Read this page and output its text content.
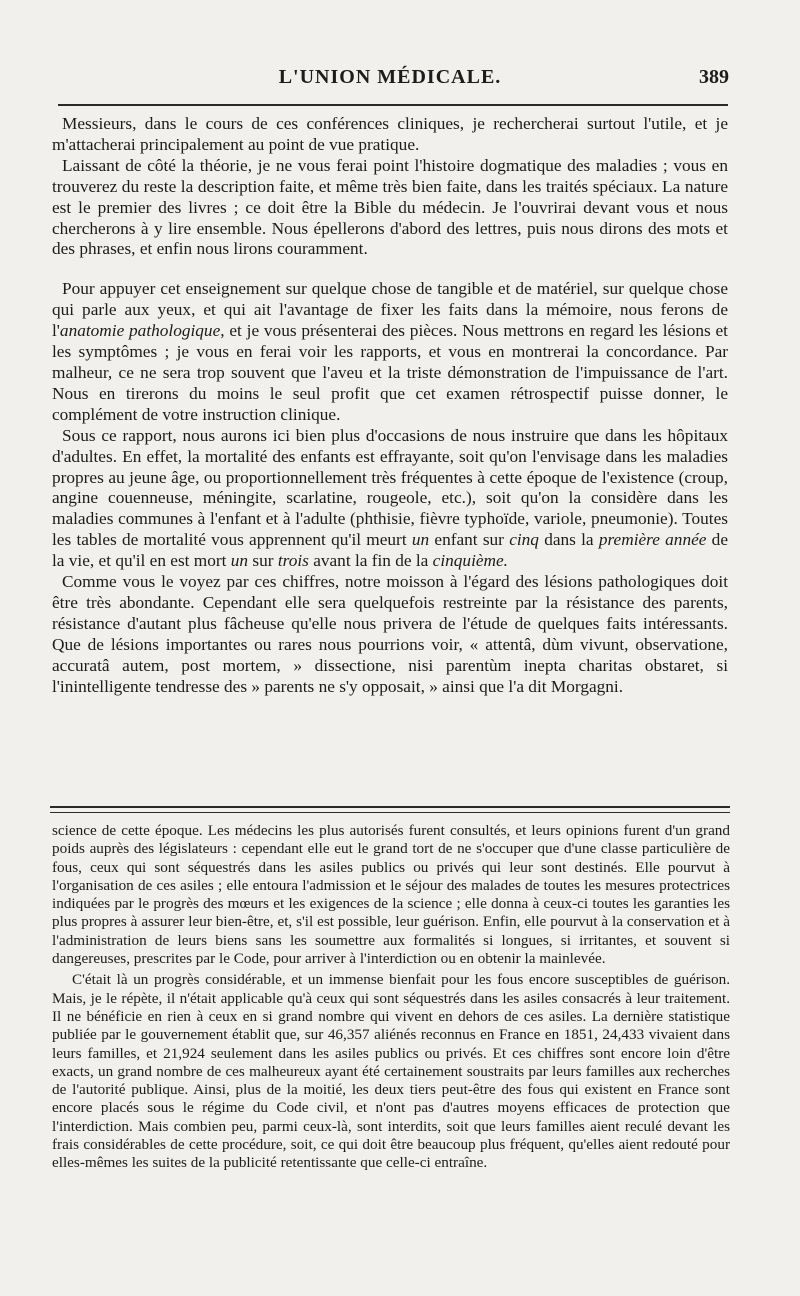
L'UNION MÉDICALE.	389

Messieurs, dans le cours de ces conférences cliniques, je rechercherai surtout l'utile, et je m'attacherai principalement au point de vue pratique.

Laissant de côté la théorie, je ne vous ferai point l'histoire dogmatique des maladies ; vous en trouverez du reste la description faite, et même très bien faite, dans les traités spéciaux. La nature est le premier des livres ; ce doit être la Bible du médecin. Je l'ouvrirai devant vous et nous chercherons à y lire ensemble. Nous épellerons d'abord des lettres, puis nous dirons des mots et des phrases, et enfin nous lirons couramment.

Pour appuyer cet enseignement sur quelque chose de tangible et de matériel, sur quelque chose qui parle aux yeux, et qui ait l'avantage de fixer les faits dans la mémoire, nous ferons de l'anatomie pathologique, et je vous présenterai des pièces. Nous mettrons en regard les lésions et les symptômes ; je vous en ferai voir les rapports, et vous en montrerai la concordance. Par malheur, ce ne sera trop souvent que l'aveu et la triste démonstration de l'impuissance de l'art. Nous en tirerons du moins le seul profit que cet examen rétrospectif puisse donner, le complément de votre instruction clinique.

Sous ce rapport, nous aurons ici bien plus d'occasions de nous instruire que dans les hôpitaux d'adultes. En effet, la mortalité des enfants est effrayante, soit qu'on l'envisage dans les maladies propres au jeune âge, ou proportionnellement très fréquentes à cette époque de l'existence (croup, angine couenneuse, méningite, scarlatine, rougeole, etc.), soit qu'on la considère dans les maladies communes à l'enfant et à l'adulte (phthisie, fièvre typhoïde, variole, pneumonie). Toutes les tables de mortalité vous apprennent qu'il meurt un enfant sur cinq dans la première année de la vie, et qu'il en est mort un sur trois avant la fin de la cinquième.

Comme vous le voyez par ces chiffres, notre moisson à l'égard des lésions pathologiques doit être très abondante. Cependant elle sera quelquefois restreinte par la résistance des parents, résistance d'autant plus fâcheuse qu'elle nous privera de l'étude de quelques faits intéressants. Que de lésions importantes ou rares nous pourrions voir, « attentâ, dùm vivunt, observatione, accuratâ autem, post mortem, » dissectione, nisi parentùm inepta charitas obstaret, si l'inintelligente tendresse des » parents ne s'y opposait, » ainsi que l'a dit Morgagni.

science de cette époque. Les médecins les plus autorisés furent consultés, et leurs opinions furent d'un grand poids auprès des législateurs : cependant elle eut le grand tort de ne s'occuper que d'une classe particulière de fous, ceux qui sont séquestrés dans les asiles publics ou privés qui leur sont destinés. Elle pourvut à l'organisation de ces asiles ; elle entoura l'admission et le séjour des malades de toutes les mesures protectrices indiquées par le progrès des mœurs et les exigences de la science ; elle donna à ceux-ci toutes les garanties les plus propres à assurer leur bien-être, et, s'il est possible, leur guérison. Enfin, elle pourvut à la conservation et à l'administration de leurs biens sans les soumettre aux formalités si longues, si irritantes, et souvent si dangereuses, prescrites par le Code, pour arriver à l'interdiction ou en obtenir la mainlevée.

C'était là un progrès considérable, et un immense bienfait pour les fous encore susceptibles de guérison. Mais, je le répète, il n'était applicable qu'à ceux qui sont séquestrés dans les asiles consacrés à leur traitement. Il ne bénéficie en rien à ceux en si grand nombre qui vivent en dehors de ces asiles. La dernière statistique publiée par le gouvernement établit que, sur 46,357 aliénés reconnus en France en 1851, 24,433 vivaient dans leurs familles, et 21,924 seulement dans les asiles publics ou privés. Et ces chiffres sont encore loin d'être exacts, un grand nombre de ces malheureux ayant été certainement soustraits par leurs familles aux recherches de l'autorité publique. Ainsi, plus de la moitié, les deux tiers peut-être des fous qui existent en France sont encore placés sous le régime du Code civil, et n'ont pas d'autres moyens efficaces de protection que l'interdiction. Mais combien peu, parmi ceux-là, sont interdits, soit que leurs familles aient reculé devant les frais considérables de cette procédure, soit, ce qui doit être beaucoup plus fréquent, qu'elles aient redouté pour elles-mêmes les suites de la publicité retentissante que celle-ci entraîne.
